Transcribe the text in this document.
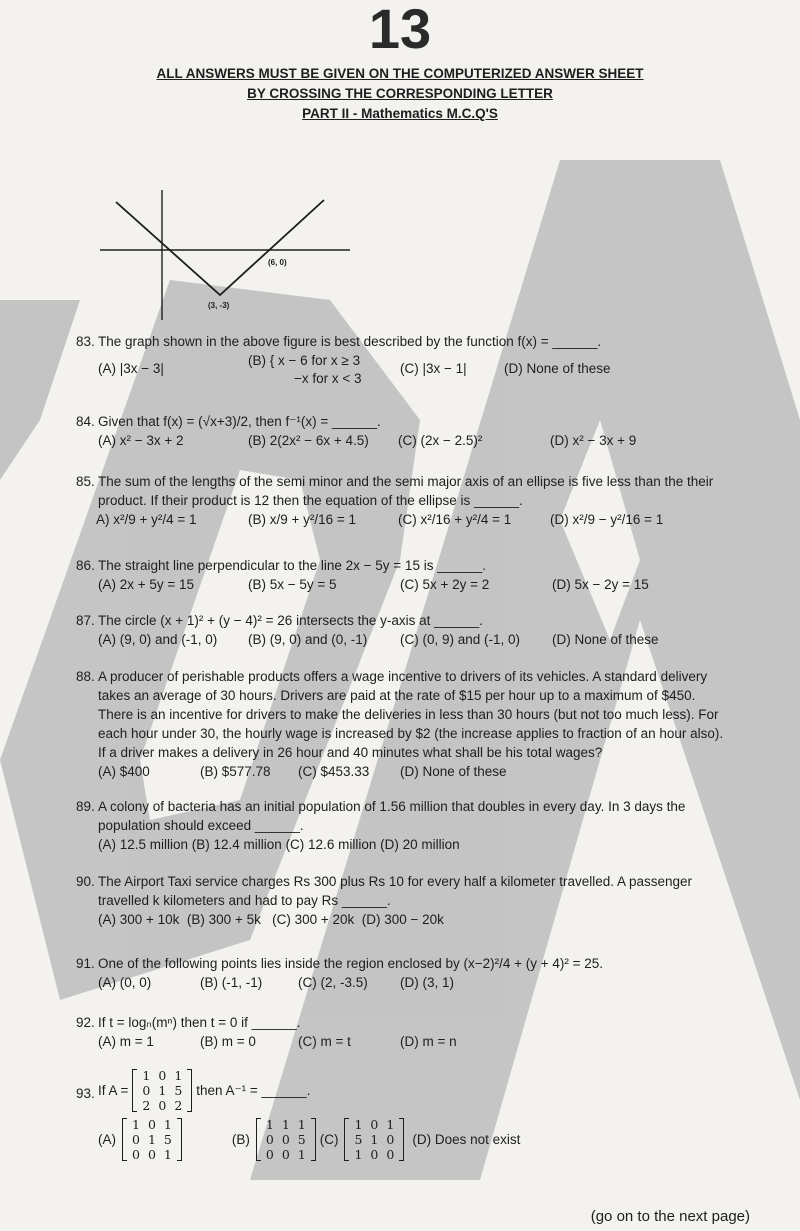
13
ALL ANSWERS MUST BE GIVEN ON THE COMPUTERIZED ANSWER SHEET
BY CROSSING THE CORRESPONDING LETTER
PART II - Mathematics M.C.Q'S
(6, 0)
(3, -3)
83. The graph shown in the above figure is best described by the function f(x) = ______.
(A) |3x − 3|
(B) { x − 6 for x ≥ 3
−x for x < 3
(C) |3x − 1|	(D) None of these
84. Given that f(x) = (√x+3)/2, then f⁻¹(x) = ______.
(A) x² − 3x + 2	(B) 2(2x² − 6x + 4.5) (C) (2x − 2.5)²	(D) x² − 3x + 9
85. The sum of the lengths of the semi minor and the semi major axis of an ellipse is five less than the their
product. If their product is 12 then the equation of the ellipse is ______.
A) x²/9 + y²/4 = 1	(B) x/9 + y²/16 = 1	(C) x²/16 + y²/4 = 1	(D) x²/9 − y²/16 = 1
86. The straight line perpendicular to the line 2x − 5y = 15 is ______.
(A) 2x + 5y = 15	(B) 5x − 5y = 5	(C) 5x + 2y = 2	(D) 5x − 2y = 15
87. The circle (x + 1)² + (y − 4)² = 26 intersects the y-axis at ______.
(A) (9, 0) and (-1, 0) (B) (9, 0) and (0, -1) (C) (0, 9) and (-1, 0) (D) None of these
88. A producer of perishable products offers a wage incentive to drivers of its vehicles. A standard delivery
takes an average of 30 hours. Drivers are paid at the rate of $15 per hour up to a maximum of $450.
There is an incentive for drivers to make the deliveries in less than 30 hours (but not too much less). For
each hour under 30, the hourly wage is increased by $2 (the increase applies to fraction of an hour also).
If a driver makes a delivery in 26 hour and 40 minutes what shall be his total wages?
(A) $400	(B) $577.78 (C) $453.33 (D) None of these
89. A colony of bacteria has an initial population of 1.56 million that doubles in every day. In 3 days the
population should exceed ______.
(A) 12.5 million (B) 12.4 million (C) 12.6 million (D) 20 million
90. The Airport Taxi service charges Rs 300 plus Rs 10 for every half a kilometer travelled. A passenger
travelled k kilometers and had to pay Rs ______.
(A) 300 + 10k  (B) 300 + 5k   (C) 300 + 20k  (D) 300 − 20k
91. One of the following points lies inside the region enclosed by (x−2)²/4 + (y + 4)² = 25.
(A) (0, 0)	(B) (-1, -1)	(C) (2, -3.5) (D) (3, 1)
92. If t = logₙ(mⁿ) then t = 0 if ______.
(A) m = 1	(B) m = 0	(C) m = t	(D) m = n
93. If A =
1	0	1
0	1	5
2	0	2
then A⁻¹ = ______.
(A)
1	0	1
0	1	5
0	0	1
(B)
1	1	1
0	0	5
0	0	1
(C)
1	0	1
5	1	0
1	0	0
(D) Does not exist
(go on to the next page)
